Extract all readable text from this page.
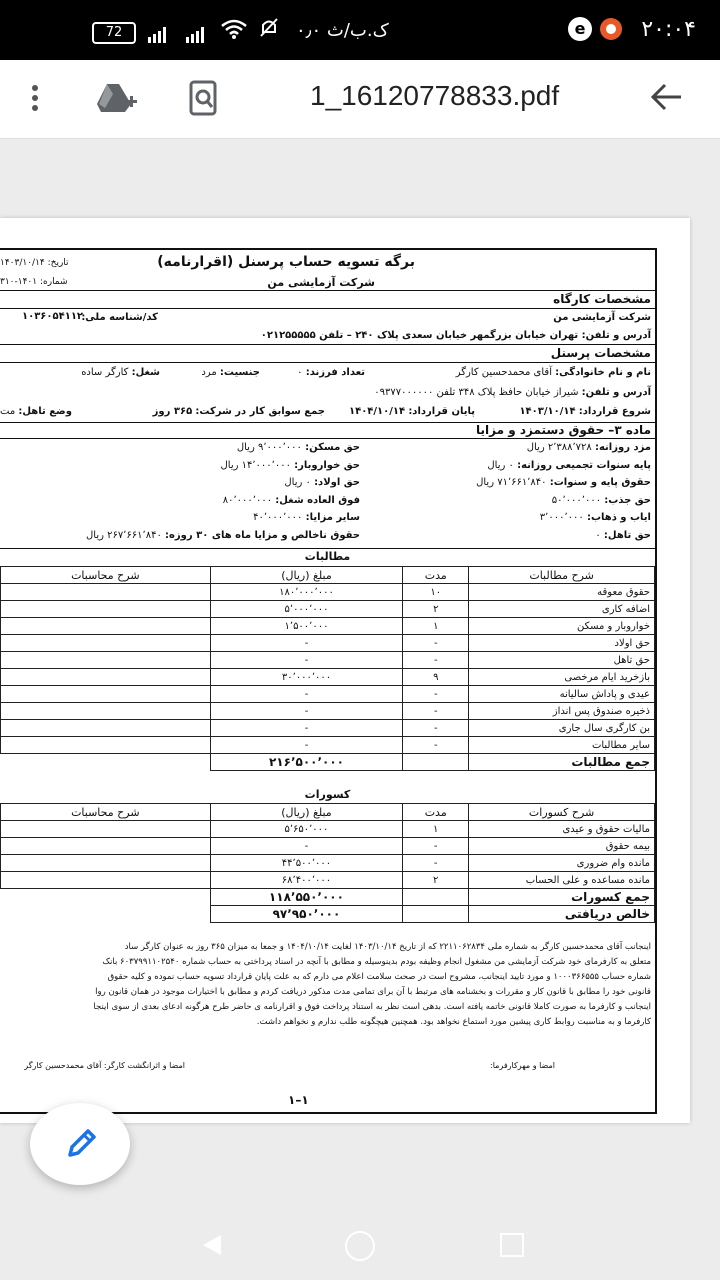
72	۰٫۰ ک.ب/ث	e	۲۰:۰۴
1_16120778833.pdf
برگه تسویه حساب پرسنل (اقرارنامه)
شرکت آزمایشی من
تاریخ: ۱۴۰۳/۱۰/۱۴
شماره: ۱۴۰۱-۳۱۰
مشخصات کارگاه
شرکت آزمایشی من
کد/شناسه ملی:
۱۰۳۶۰۵۴۱۱۲
آدرس و تلفن: تهران خیابان بزرگمهر خیابان سعدی پلاک ۲۴۰ – تلفن ۰۲۱۲۵۵۵۵۵
مشخصات پرسنل
نام و نام خانوادگی: آقای محمدحسین کارگر
تعداد فرزند: ۰
جنسیت: مرد
شغل: کارگر ساده
آدرس و تلفن: شیراز خیابان حافظ پلاک ۳۴۸ تلفن ۰۹۳۷۷۰۰۰۰۰۰
شروع قرارداد: ۱۴۰۳/۱۰/۱۴
پایان قرارداد: ۱۴۰۴/۱۰/۱۴
جمع سوابق کار در شرکت: ۳۶۵ روز
وضع تاهل: مت
ماده ۳– حقوق دستمزد و مزایا
مزد روزانه: ۲٬۳۸۸٬۷۲۸ ریال
پایه سنوات تجمیعی روزانه: ۰ ریال
حقوق پایه و سنوات: ۷۱٬۶۶۱٬۸۴۰ ریال
حق جذب: ۵۰٬۰۰۰٬۰۰۰
ایاب و ذهاب: ۳٬۰۰۰٬۰۰۰
حق تاهل: ۰
حق مسکن: ۹٬۰۰۰٬۰۰۰ ریال
حق خواروبار: ۱۴٬۰۰۰٬۰۰۰ ریال
حق اولاد: ۰ ریال
فوق العاده شغل: ۸۰٬۰۰۰٬۰۰۰
سایر مزایا: ۴۰٬۰۰۰٬۰۰۰
حقوق ناخالص و مزایا ماه های ۳۰ روزه: ۲۶۷٬۶۶۱٬۸۴۰ ریال
مطالبات
شرح مطالبات	مدت	مبلغ (ریال)	شرح محاسبات
حقوق معوقه	۱۰	۱۸۰٬۰۰۰٬۰۰۰	
اضافه کاری	۲	۵٬۰۰۰٬۰۰۰	
خواروبار و مسکن	۱	۱٬۵۰۰٬۰۰۰	
حق اولاد	-	-	
حق تاهل	-	-	
بازخرید ایام مرخصی	۹	۳۰٬۰۰۰٬۰۰۰	
عیدی و پاداش سالیانه	-	-	
ذخیره صندوق پس انداز	-	-	
بن کارگری سال جاری	-	-	
سایر مطالبات	-	-	
جمع مطالبات		۲۱۶٬۵۰۰٬۰۰۰	
کسورات
شرح کسورات	مدت	مبلغ (ریال)	شرح محاسبات
مالیات حقوق و عیدی	۱	۵٬۶۵۰٬۰۰۰	
بیمه حقوق	-	-	
مانده وام ضروری	-	۴۴٬۵۰۰٬۰۰۰	
مانده مساعده و علی الحساب	۲	۶۸٬۴۰۰٬۰۰۰	
جمع کسورات		۱۱۸٬۵۵۰٬۰۰۰	
خالص دریافتی		۹۷٬۹۵۰٬۰۰۰	
اینجانب آقای محمدحسین کارگر به شماره ملی ۲۲۱۱۰۶۲۸۳۴ که از تاریخ ۱۴۰۳/۱۰/۱۴ لغایت ۱۴۰۴/۱۰/۱۴ و جمعا به میزان ۳۶۵ روز به عنوان کارگر ساد
متعلق به کارفرمای خود شرکت آزمایشی من مشغول انجام وظیفه بودم بدینوسیله و مطابق با آنچه در اسناد پرداختی به حساب شماره ۶۰۳۷۹۹۱۱۰۲۵۴۰ بانک
شماره حساب ۱۰۰۰۳۶۶۵۵۵ و مورد تایید اینجانب، مشروح است در صحت سلامت اعلام می دارم که به علت پایان قرارداد تسویه حساب نموده و کلیه حقوق
قانونی خود را مطابق با قانون کار و مقررات و بخشنامه های مرتبط با آن برای تمامی مدت مذکور دریافت کردم و مطابق با اختیارات موجود در همان قانون روا
اینجانب و کارفرما به صورت کاملا قانونی خاتمه یافته است. بدهی است نظر به استناد پرداخت فوق و اقرارنامه ی حاضر طرح هرگونه ادعای بعدی از سوی اینجا
کارفرما و به مناسبت روابط کاری پیشین مورد استماع نخواهد بود. همچنین هیچگونه طلب ندارم و نخواهم داشت.
امضا و مهرکارفرما:
امضا و اثرانگشت کارگر: آقای محمدحسین کارگر
۱–۱
